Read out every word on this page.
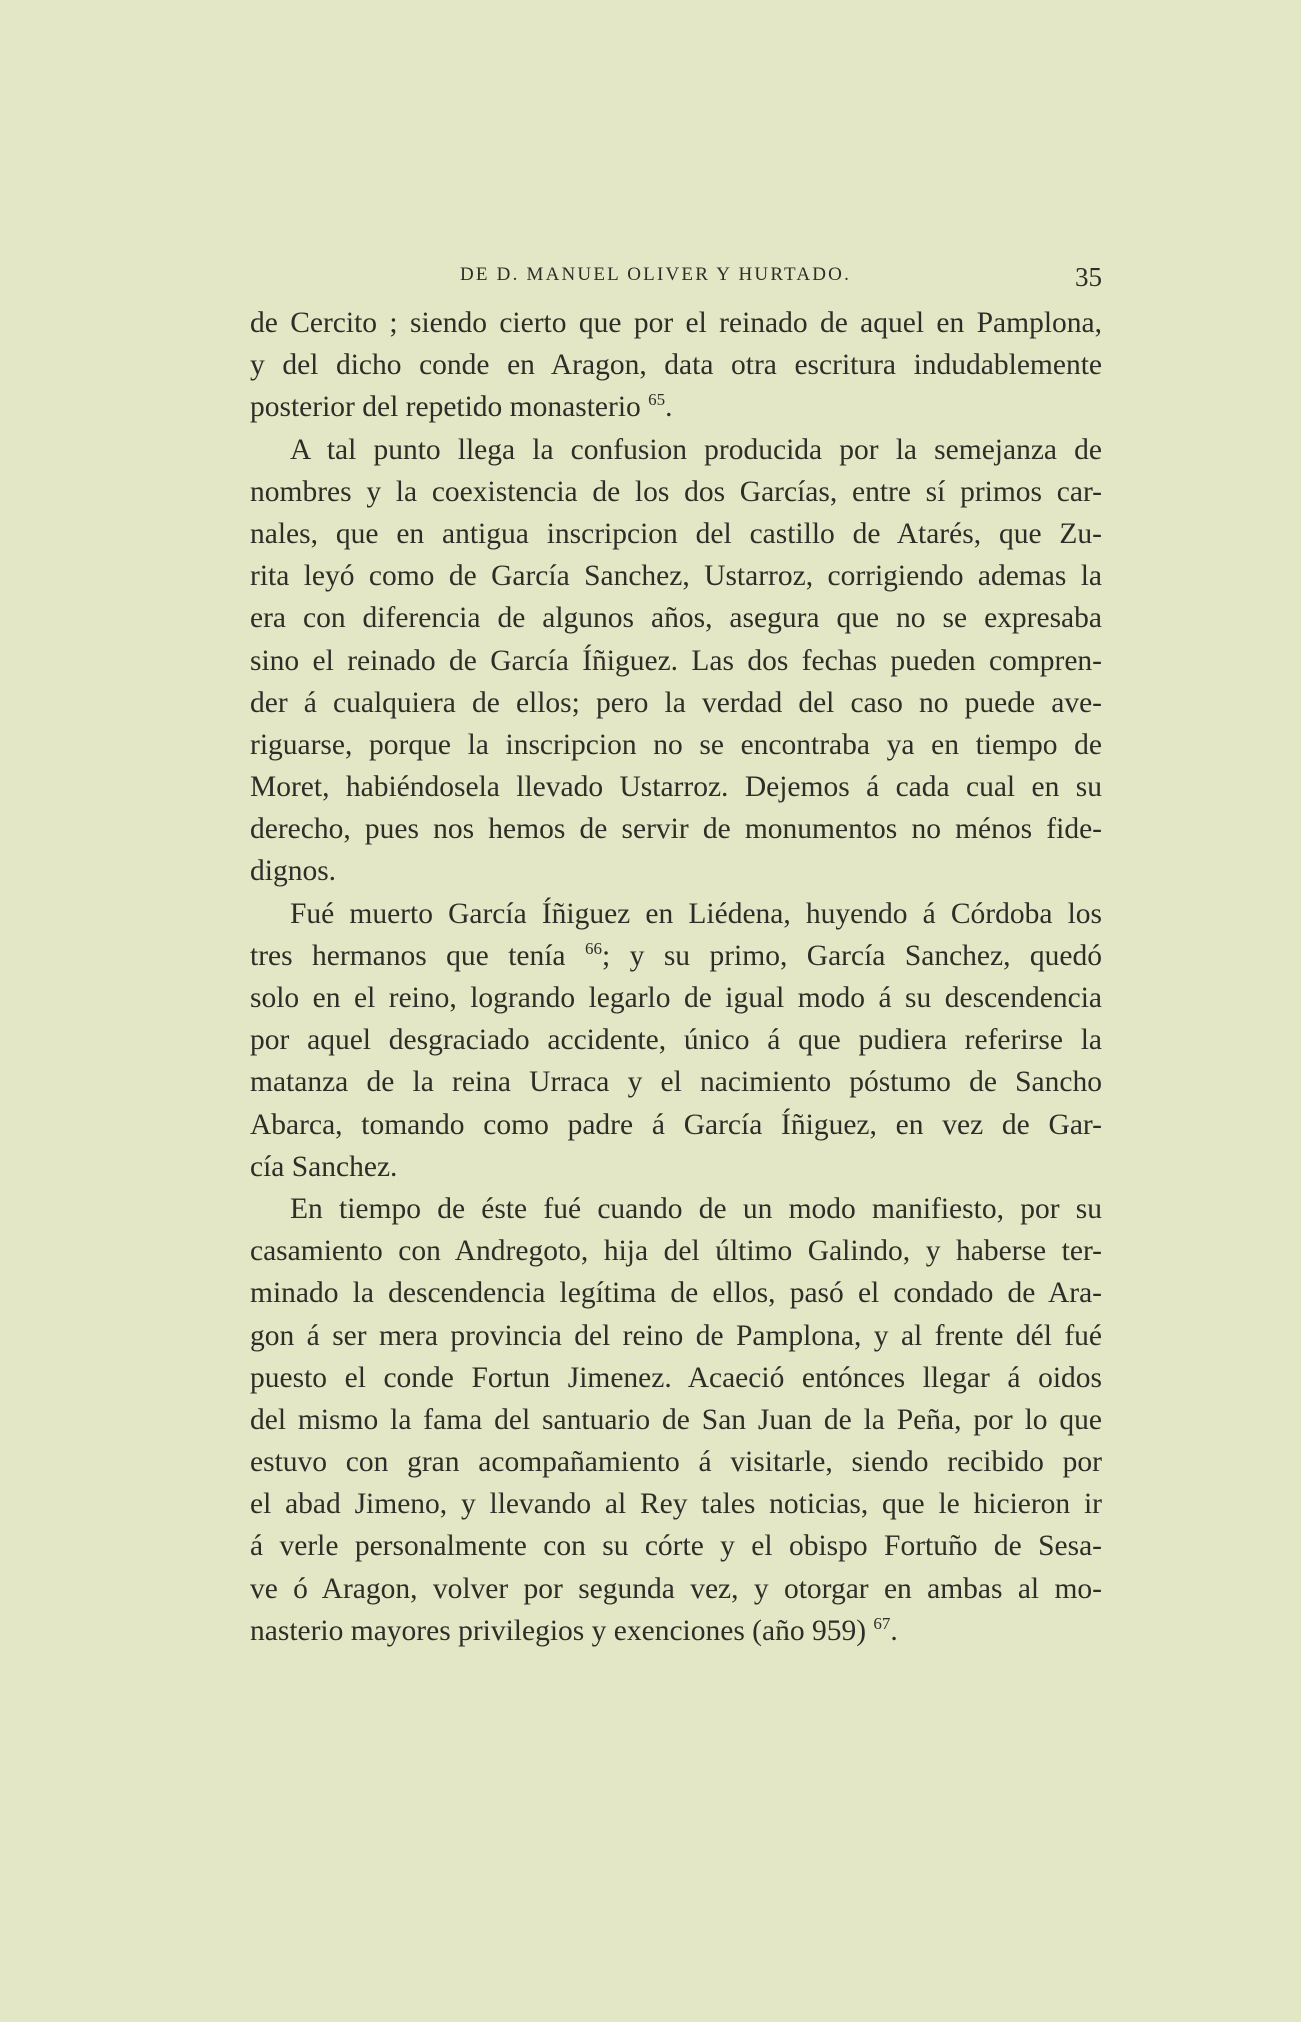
DE D. MANUEL OLIVER Y HURTADO.	35
de Cercito ; siendo cierto que por el reinado de aquel en Pamplona,
y del dicho conde en Aragon, data otra escritura indudablemente
posterior del repetido monasterio $^{65}$.
A tal punto llega la confusion producida por la semejanza de
nombres y la coexistencia de los dos Garcías, entre sí primos car-
nales, que en antigua inscripcion del castillo de Atarés, que Zu-
rita leyó como de García Sanchez, Ustarroz, corrigiendo ademas la
era con diferencia de algunos años, asegura que no se expresaba
sino el reinado de García Íñiguez. Las dos fechas pueden compren-
der á cualquiera de ellos; pero la verdad del caso no puede ave-
riguarse, porque la inscripcion no se encontraba ya en tiempo de
Moret, habiéndosela llevado Ustarroz. Dejemos á cada cual en su
derecho, pues nos hemos de servir de monumentos no ménos fide-
dignos.
Fué muerto García Íñiguez en Liédena, huyendo á Córdoba los
tres hermanos que tenía $^{66}$; y su primo, García Sanchez, quedó
solo en el reino, logrando legarlo de igual modo á su descendencia
por aquel desgraciado accidente, único á que pudiera referirse la
matanza de la reina Urraca y el nacimiento póstumo de Sancho
Abarca, tomando como padre á García Íñiguez, en vez de Gar-
cía Sanchez.
En tiempo de éste fué cuando de un modo manifiesto, por su
casamiento con Andregoto, hija del último Galindo, y haberse ter-
minado la descendencia legítima de ellos, pasó el condado de Ara-
gon á ser mera provincia del reino de Pamplona, y al frente dél fué
puesto el conde Fortun Jimenez. Acaeció entónces llegar á oidos
del mismo la fama del santuario de San Juan de la Peña, por lo que
estuvo con gran acompañamiento á visitarle, siendo recibido por
el abad Jimeno, y llevando al Rey tales noticias, que le hicieron ir
á verle personalmente con su córte y el obispo Fortuño de Sesa-
ve ó Aragon, volver por segunda vez, y otorgar en ambas al mo-
nasterio mayores privilegios y exenciones (año 959) $^{67}$.
